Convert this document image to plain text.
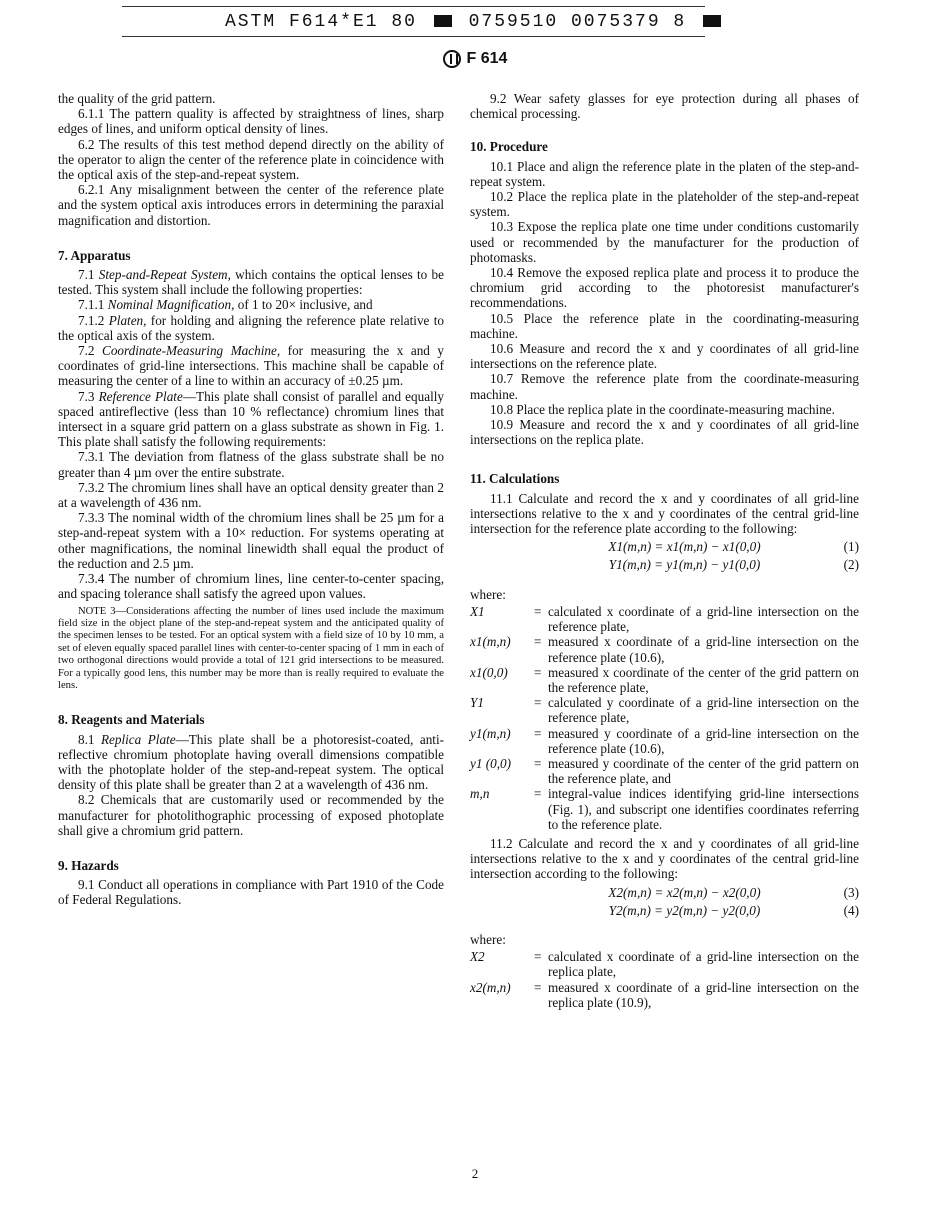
ASTM F614*E1 80	0759510 0075379 8
F 614

the quality of the grid pattern.

6.1.1 The pattern quality is affected by straightness of lines, sharp edges of lines, and uniform optical density of lines.

6.2 The results of this test method depend directly on the ability of the operator to align the center of the reference plate in coincidence with the optical axis of the step-and-repeat system.

6.2.1 Any misalignment between the center of the reference plate and the system optical axis introduces errors in determining the paraxial magnification and distortion.

7. Apparatus

7.1 Step-and-Repeat System, which contains the optical lenses to be tested. This system shall include the following properties:

7.1.1 Nominal Magnification, of 1 to 20× inclusive, and

7.1.2 Platen, for holding and aligning the reference plate relative to the optical axis of the system.

7.2 Coordinate-Measuring Machine, for measuring the x and y coordinates of grid-line intersections. This machine shall be capable of measuring the center of a line to within an accuracy of ±0.25 µm.

7.3 Reference Plate—This plate shall consist of parallel and equally spaced antireflective (less than 10 % reflectance) chromium lines that intersect in a square grid pattern on a glass substrate as shown in Fig. 1. This plate shall satisfy the following requirements:

7.3.1 The deviation from flatness of the glass substrate shall be no greater than 4 µm over the entire substrate.

7.3.2 The chromium lines shall have an optical density greater than 2 at a wavelength of 436 nm.

7.3.3 The nominal width of the chromium lines shall be 25 µm for a step-and-repeat system with a 10× reduction. For systems operating at other magnifications, the nominal linewidth shall equal the product of the reduction and 2.5 µm.

7.3.4 The number of chromium lines, line center-to-center spacing, and spacing tolerance shall satisfy the agreed upon values.

NOTE 3—Considerations affecting the number of lines used include the maximum field size in the object plane of the step-and-repeat system and the anticipated quality of the specimen lenses to be tested. For an optical system with a field size of 10 by 10 mm, a set of eleven equally spaced parallel lines with center-to-center spacing of 1 mm in each of two orthogonal directions would provide a total of 121 grid intersections to be measured. For a typically good lens, this number may be more than is really required to evaluate the lens.

8. Reagents and Materials

8.1 Replica Plate—This plate shall be a photoresist-coated, anti-reflective chromium photoplate having overall dimensions compatible with the photoplate holder of the step-and-repeat system. The optical density of this plate shall be greater than 2 at a wavelength of 436 nm.

8.2 Chemicals that are customarily used or recommended by the manufacturer for photolithographic processing of exposed photoplate shall give a chromium grid pattern.

9. Hazards

9.1 Conduct all operations in compliance with Part 1910 of the Code of Federal Regulations.

9.2 Wear safety glasses for eye protection during all phases of chemical processing.

10. Procedure

10.1 Place and align the reference plate in the platen of the step-and-repeat system.

10.2 Place the replica plate in the plateholder of the step-and-repeat system.

10.3 Expose the replica plate one time under conditions customarily used or recommended by the manufacturer for the production of photomasks.

10.4 Remove the exposed replica plate and process it to produce the chromium grid according to the photoresist manufacturer's recommendations.

10.5 Place the reference plate in the coordinating-measuring machine.

10.6 Measure and record the x and y coordinates of all grid-line intersections on the reference plate.

10.7 Remove the reference plate from the coordinate-measuring machine.

10.8 Place the replica plate in the coordinate-measuring machine.

10.9 Measure and record the x and y coordinates of all grid-line intersections on the replica plate.

11. Calculations

11.1 Calculate and record the x and y coordinates of all grid-line intersections relative to the x and y coordinates of the central grid-line intersection for the reference plate according to the following:

X1(m,n) = x1(m,n) − x1(0,0)	(1)
Y1(m,n) = y1(m,n) − y1(0,0)	(2)

where:

X1	=	calculated x coordinate of a grid-line intersection on the reference plate,
x1(m,n)	=	measured x coordinate of a grid-line intersection on the reference plate (10.6),
x1(0,0)	=	measured x coordinate of the center of the grid pattern on the reference plate,
Y1	=	calculated y coordinate of a grid-line intersection on the reference plate,
y1(m,n)	=	measured y coordinate of a grid-line intersection on the reference plate (10.6),
y1 (0,0)	=	measured y coordinate of the center of the grid pattern on the reference plate, and
m,n	=	integral-value indices identifying grid-line intersections (Fig. 1), and subscript one identifies coordinates referring to the reference plate.

11.2 Calculate and record the x and y coordinates of all grid-line intersections relative to the x and y coordinates of the central grid-line intersection according to the following:

X2(m,n) = x2(m,n) − x2(0,0)	(3)
Y2(m,n) = y2(m,n) − y2(0,0)	(4)

where:

X2	=	calculated x coordinate of a grid-line intersection on the replica plate,
x2(m,n)	=	measured x coordinate of a grid-line intersection on the replica plate (10.9),
2
